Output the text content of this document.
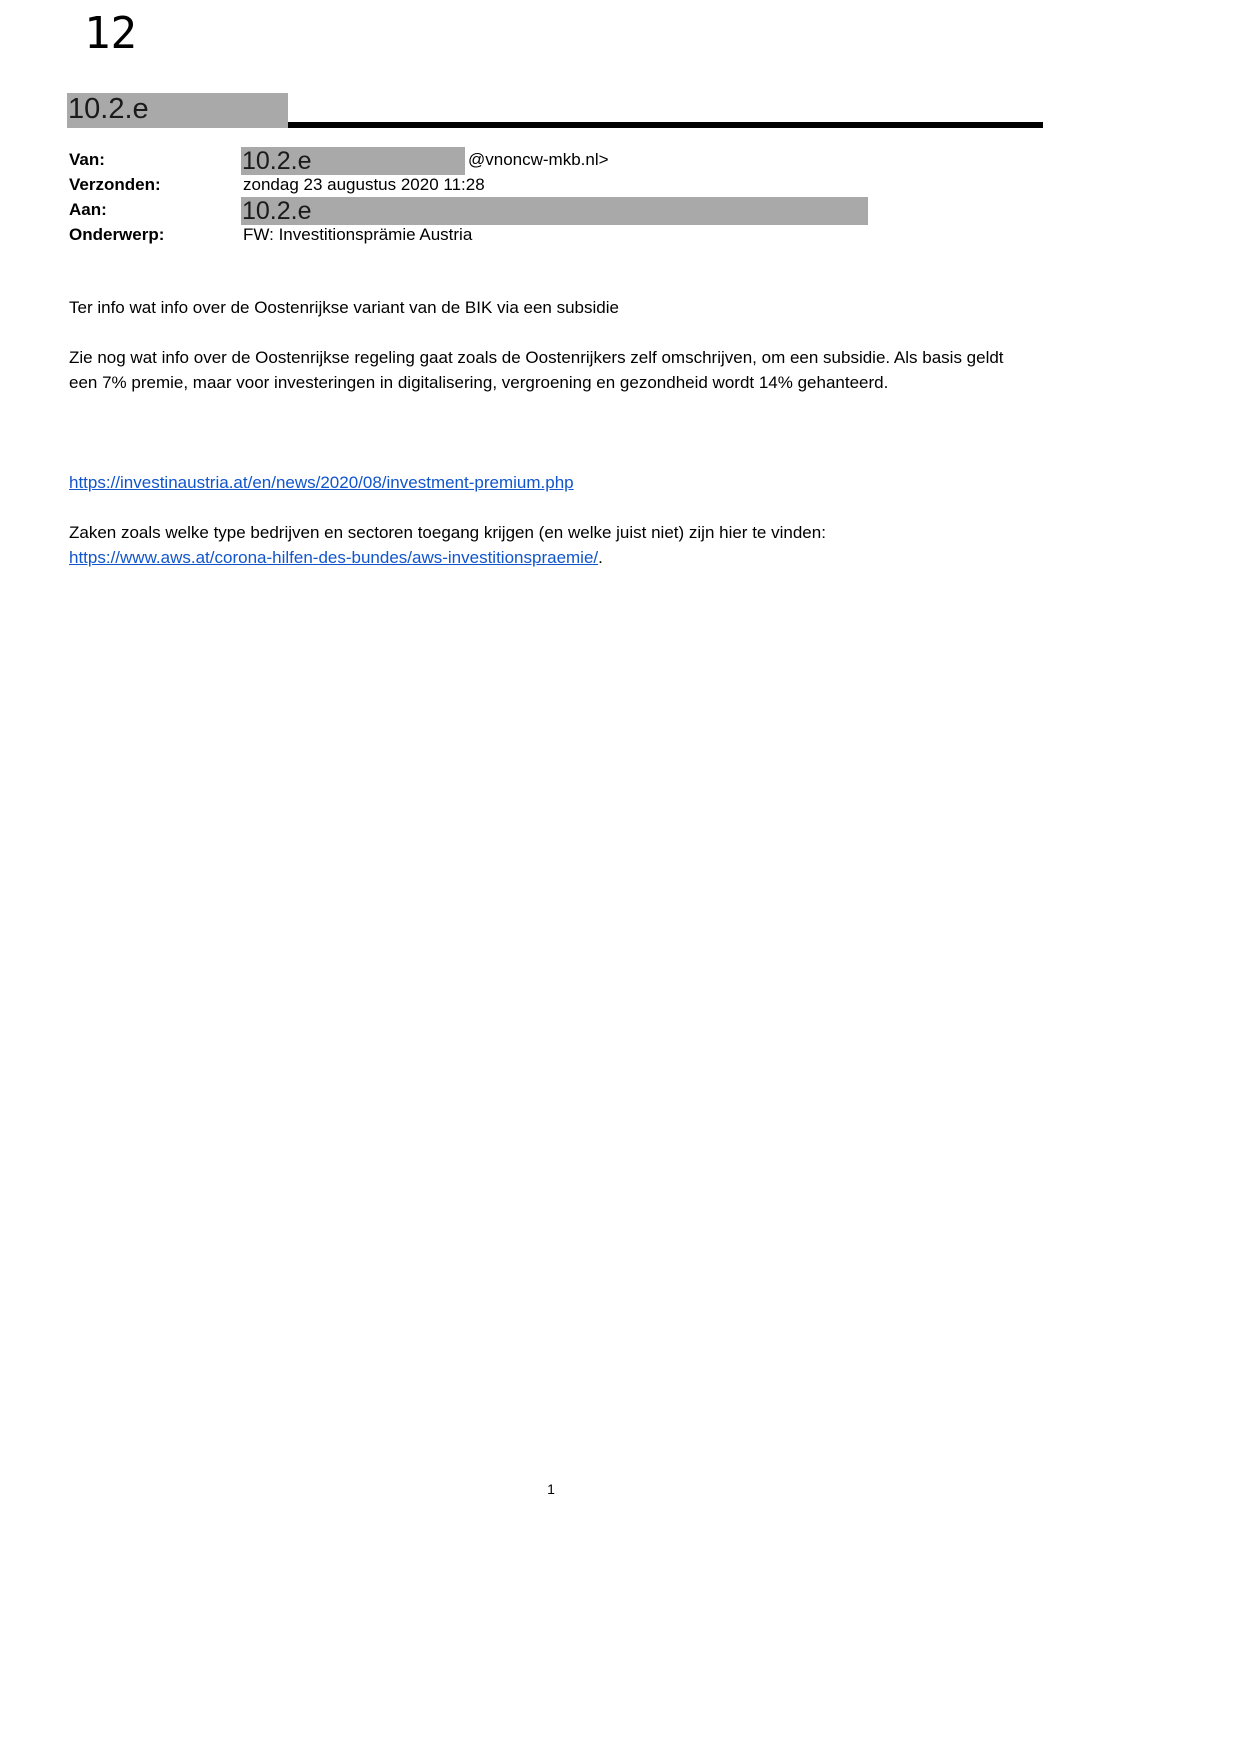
12
10.2.e
Van:	10.2.e	@vnoncw-mkb.nl>
Verzonden:	zondag 23 augustus 2020 11:28
Aan:	10.2.e
Onderwerp:	FW: Investitionsprämie Austria
Ter info wat info over de Oostenrijkse variant van de BIK via een subsidie
Zie nog wat info over de Oostenrijkse regeling gaat zoals de Oostenrijkers zelf omschrijven, om een subsidie. Als basis geldt een 7% premie, maar voor investeringen in digitalisering, vergroening en gezondheid wordt 14% gehanteerd.
https://investinaustria.at/en/news/2020/08/investment-premium.php
Zaken zoals welke type bedrijven en sectoren toegang krijgen (en welke juist niet) zijn hier te vinden:
https://www.aws.at/corona-hilfen-des-bundes/aws-investitionspraemie/.
1
